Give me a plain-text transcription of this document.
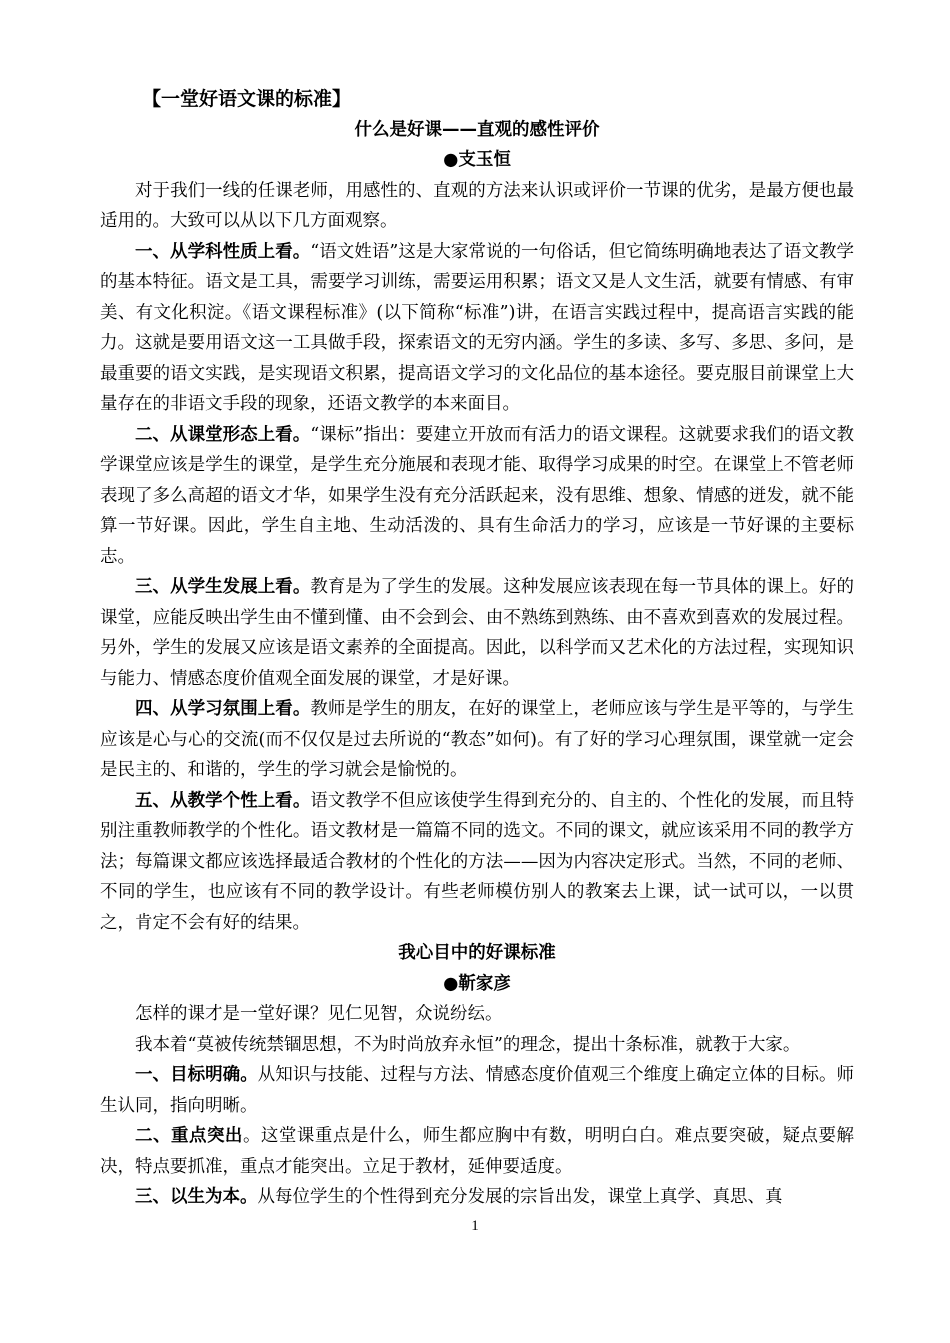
【一堂好语文课的标准】
什么是好课——直观的感性评价
●支玉恒

对于我们一线的任课老师，用感性的、直观的方法来认识或评价一节课的优劣，是最方便也最适用的。大致可以从以下几方面观察。

一、从学科性质上看。“语文姓语”这是大家常说的一句俗话，但它简练明确地表达了语文教学的基本特征。语文是工具，需要学习训练，需要运用积累；语文又是人文生活，就要有情感、有审美、有文化积淀。《语文课程标准》(以下简称“标准”)讲，在语言实践过程中，提高语言实践的能力。这就是要用语文这一工具做手段，探索语文的无穷内涵。学生的多读、多写、多思、多问，是最重要的语文实践，是实现语文积累，提高语文学习的文化品位的基本途径。要克服目前课堂上大量存在的非语文手段的现象，还语文教学的本来面目。

二、从课堂形态上看。“课标”指出：要建立开放而有活力的语文课程。这就要求我们的语文教学课堂应该是学生的课堂，是学生充分施展和表现才能、取得学习成果的时空。在课堂上不管老师表现了多么高超的语文才华，如果学生没有充分活跃起来，没有思维、想象、情感的迸发，就不能算一节好课。因此，学生自主地、生动活泼的、具有生命活力的学习，应该是一节好课的主要标志。

三、从学生发展上看。教育是为了学生的发展。这种发展应该表现在每一节具体的课上。好的课堂，应能反映出学生由不懂到懂、由不会到会、由不熟练到熟练、由不喜欢到喜欢的发展过程。另外，学生的发展又应该是语文素养的全面提高。因此，以科学而又艺术化的方法过程，实现知识与能力、情感态度价值观全面发展的课堂，才是好课。

四、从学习氛围上看。教师是学生的朋友，在好的课堂上，老师应该与学生是平等的，与学生应该是心与心的交流(而不仅仅是过去所说的“教态”如何)。有了好的学习心理氛围，课堂就一定会是民主的、和谐的，学生的学习就会是愉悦的。

五、从教学个性上看。语文教学不但应该使学生得到充分的、自主的、个性化的发展，而且特别注重教师教学的个性化。语文教材是一篇篇不同的选文。不同的课文，就应该采用不同的教学方法；每篇课文都应该选择最适合教材的个性化的方法——因为内容决定形式。当然，不同的老师、不同的学生，也应该有不同的教学设计。有些老师模仿别人的教案去上课，试一试可以，一以贯之，肯定不会有好的结果。

我心目中的好课标准
●靳家彦

怎样的课才是一堂好课？见仁见智，众说纷纭。

我本着“莫被传统禁锢思想，不为时尚放弃永恒”的理念，提出十条标准，就教于大家。

一、目标明确。从知识与技能、过程与方法、情感态度价值观三个维度上确定立体的目标。师生认同，指向明晰。

二、重点突出。这堂课重点是什么，师生都应胸中有数，明明白白。难点要突破，疑点要解决，特点要抓准，重点才能突出。立足于教材，延伸要适度。

三、以生为本。从每位学生的个性得到充分发展的宗旨出发，课堂上真学、真思、真

1
